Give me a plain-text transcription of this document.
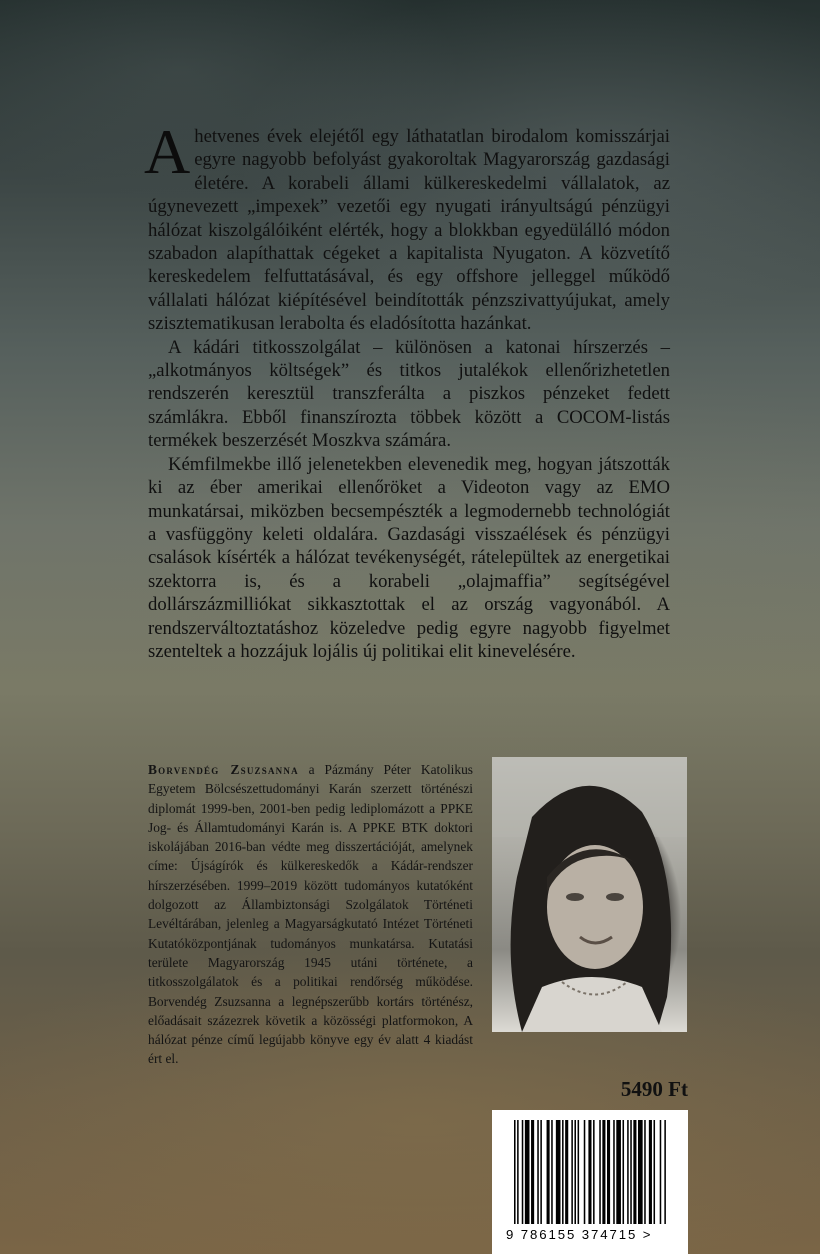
Ahetvenes évek elejétől egy láthatatlan birodalom komisszárjai egyre nagyobb befolyást gyakoroltak Magyarország gazdasági életére. A korabeli állami külkereskedelmi vállalatok, az úgynevezett „impexek” vezetői egy nyugati irányultságú pénzügyi hálózat kiszolgálóiként elérték, hogy a blokkban egyedülálló módon szabadon alapíthattak cégeket a kapitalista Nyugaton. A közvetítő kereskedelem felfuttatásával, és egy offshore jelleggel működő vállalati hálózat kiépítésével beindították pénzszivattyújukat, amely szisztematikusan lerabolta és eladósította hazánkat.

A kádári titkosszolgálat – különösen a katonai hírszerzés – „alkotmányos költségek” és titkos jutalékok ellenőrizhetetlen rendszerén keresztül transzferálta a piszkos pénzeket fedett számlákra. Ebből finanszírozta többek között a COCOM-listás termékek beszerzését Moszkva számára.

Kémfilmekbe illő jelenetekben elevenedik meg, hogyan játszották ki az éber amerikai ellenőröket a Videoton vagy az EMO munkatársai, miközben becsempészték a legmodernebb technológiát a vasfüggöny keleti oldalára. Gazdasági visszaélések és pénzügyi csalások kísérték a hálózat tevékenységét, rátelepültek az energetikai szektorra is, és a korabeli „olajmaffia” segítségével dollárszázmilliókat sikkasztottak el az ország vagyonából. A rendszerváltoztatáshoz közeledve pedig egyre nagyobb figyelmet szenteltek a hozzájuk lojális új politikai elit kinevelésére.

Borvendég Zsuzsanna a Pázmány Péter Katolikus Egyetem Bölcsészettudományi Karán szerzett történészi diplomát 1999-ben, 2001-ben pedig lediplomázott a PPKE Jog- és Államtudományi Karán is. A PPKE BTK doktori iskolájában 2016-ban védte meg disszertációját, amelynek címe: Újságírók és külkereskedők a Kádár-rendszer hírszerzésében. 1999–2019 között tudományos kutatóként dolgozott az Állambiztonsági Szolgálatok Történeti Levéltárában, jelenleg a Magyarságkutató Intézet Történeti Kutatóközpontjának tudományos munkatársa. Kutatási területe Magyarország 1945 utáni története, a titkosszolgálatok és a politikai rendőrség működése. Borvendég Zsuzsanna a legnépszerűbb kortárs történész, előadásait százezrek követik a közösségi platformokon, A hálózat pénze című legújabb könyve egy év alatt 4 kiadást ért el.
5490 Ft
9 786155 374715 >
